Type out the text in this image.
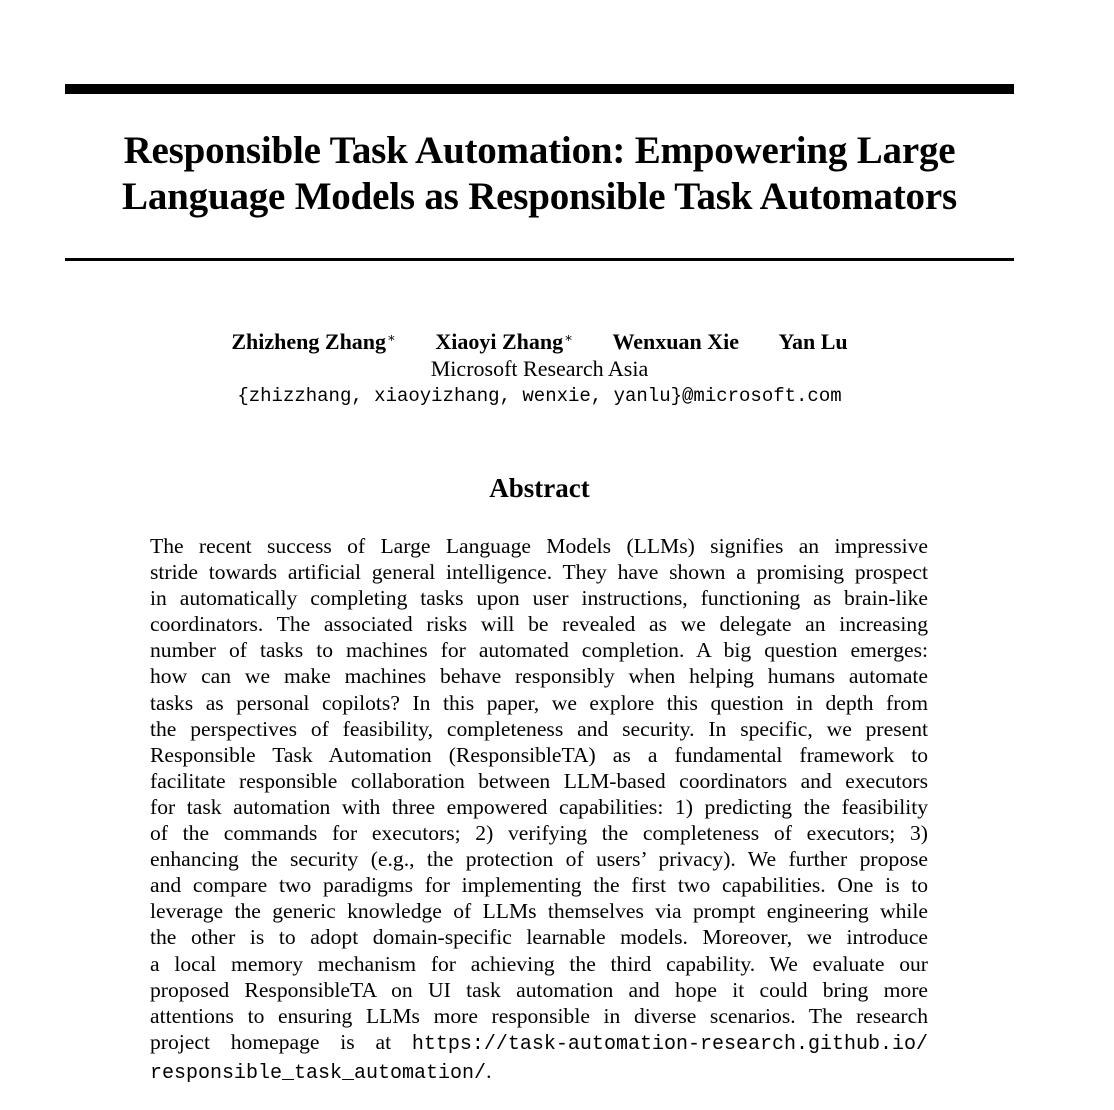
Responsible Task Automation: Empowering Large
Language Models as Responsible Task Automators
Zhizheng Zhang∗ Xiaoyi Zhang∗ Wenxuan Xie Yan Lu
Microsoft Research Asia
{zhizzhang, xiaoyizhang, wenxie, yanlu}@microsoft.com
Abstract
The recent success of Large Language Models (LLMs) signifies an impressive
stride towards artificial general intelligence. They have shown a promising prospect
in automatically completing tasks upon user instructions, functioning as brain-like
coordinators. The associated risks will be revealed as we delegate an increasing
number of tasks to machines for automated completion. A big question emerges:
how can we make machines behave responsibly when helping humans automate
tasks as personal copilots? In this paper, we explore this question in depth from
the perspectives of feasibility, completeness and security. In specific, we present
Responsible Task Automation (ResponsibleTA) as a fundamental framework to
facilitate responsible collaboration between LLM-based coordinators and executors
for task automation with three empowered capabilities: 1) predicting the feasibility
of the commands for executors; 2) verifying the completeness of executors; 3)
enhancing the security (e.g., the protection of users’ privacy). We further propose
and compare two paradigms for implementing the first two capabilities. One is to
leverage the generic knowledge of LLMs themselves via prompt engineering while
the other is to adopt domain-specific learnable models. Moreover, we introduce
a local memory mechanism for achieving the third capability. We evaluate our
proposed ResponsibleTA on UI task automation and hope it could bring more
attentions to ensuring LLMs more responsible in diverse scenarios. The research
project homepage is at https://task-automation-research.github.io/
responsible_task_automation/.
